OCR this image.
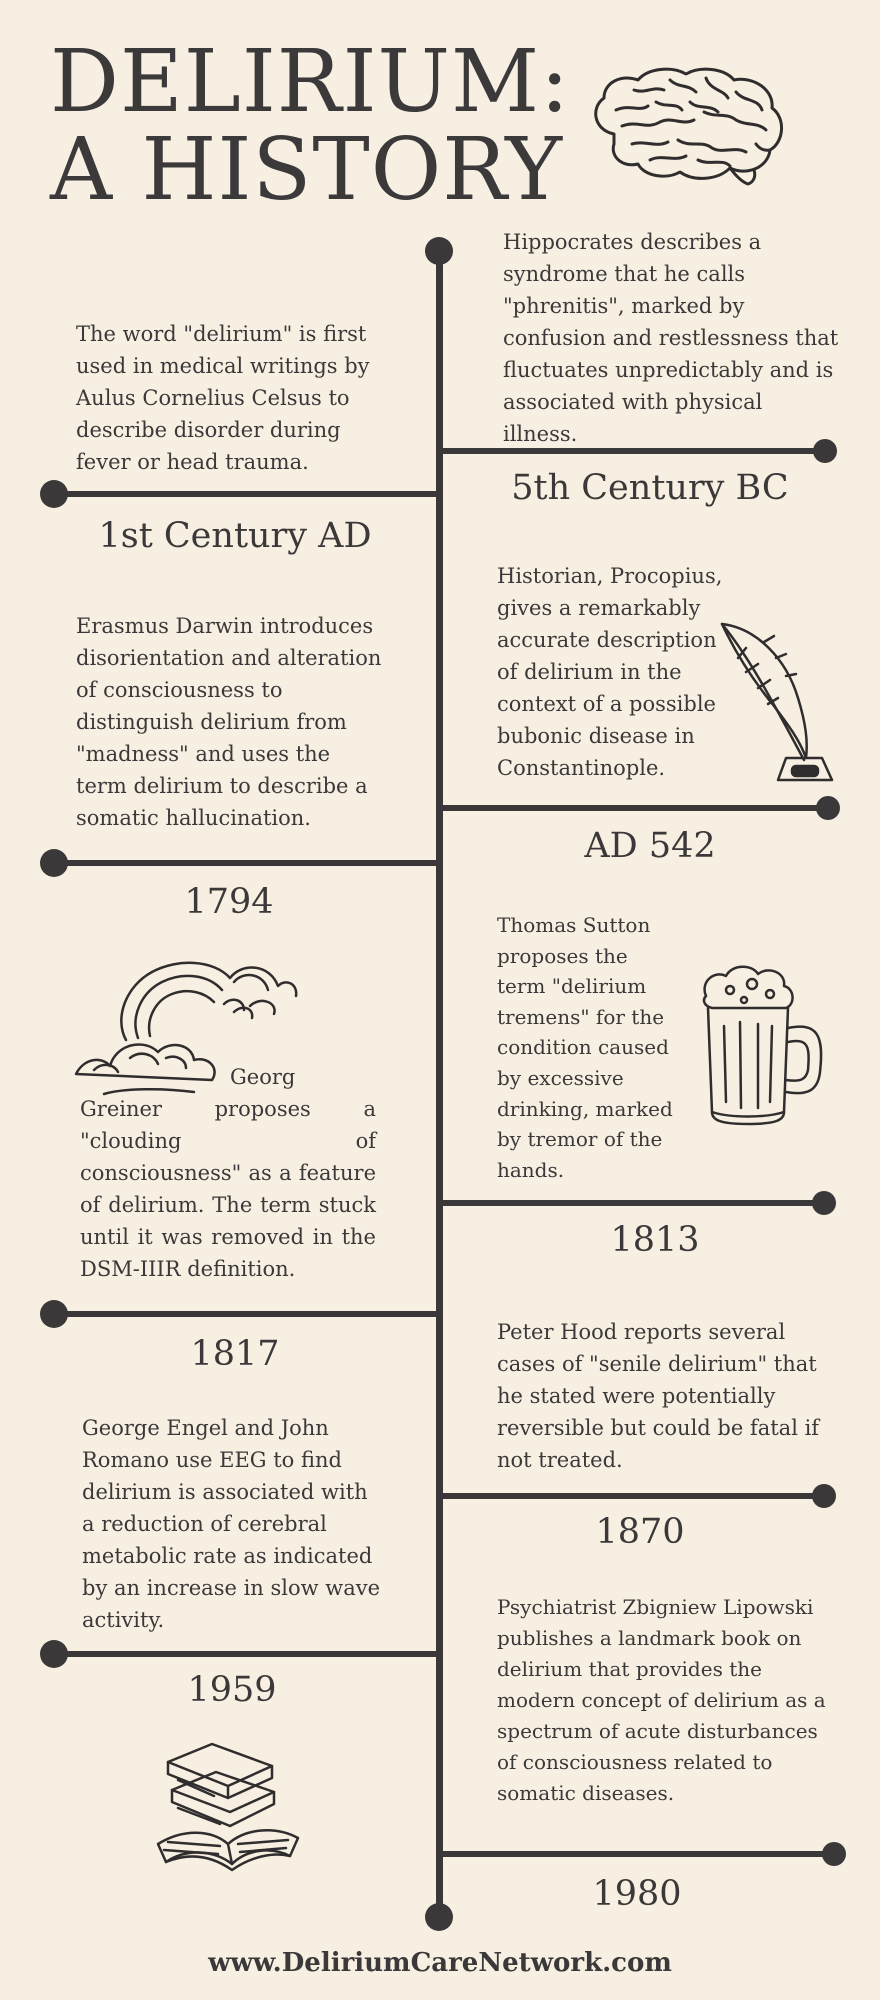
DELIRIUM:
A HISTORY
Hippocrates describes a syndrome that he calls "phrenitis", marked by confusion and restlessness that fluctuates unpredictably and is associated with physical illness.
5th Century BC
The word "delirium" is first used in medical writings by Aulus Cornelius Celsus to describe disorder during fever or head trauma.
1st Century AD
Historian, Procopius, gives a remarkably accurate description of delirium in the context of a possible bubonic disease in Constantinople.
AD 542
Erasmus Darwin introduces disorientation and alteration of consciousness to distinguish delirium from "madness" and uses the term delirium to describe a somatic hallucination.
1794
Thomas Sutton proposes the term "delirium tremens" for the condition caused by excessive drinking, marked by tremor of the hands.
1813
Georg Greiner proposes a "clouding of consciousness" as a feature of delirium. The term stuck until it was removed in the DSM-IIIR definition.
1817
Peter Hood reports several cases of "senile delirium" that he stated were potentially reversible but could be fatal if not treated.
1870
George Engel and John Romano use EEG to find delirium is associated with a reduction of cerebral metabolic rate as indicated by an increase in slow wave activity.
1959
Psychiatrist Zbigniew Lipowski publishes a landmark book on delirium that provides the modern concept of delirium as a spectrum of acute disturbances of consciousness related to somatic diseases.
1980
www.DeliriumCareNetwork.com
